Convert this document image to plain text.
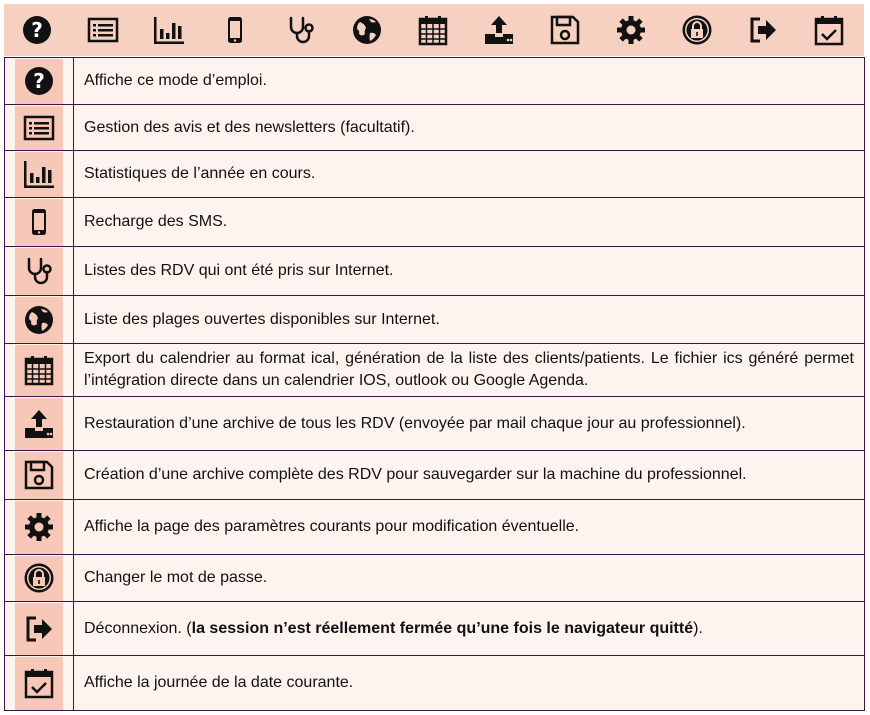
?
?	Affiche ce mode d’emploi.

	Gestion des avis et des newsletters (facultatif).

	Statistiques de l’année en cours.

	Recharge des SMS.

	Listes des RDV qui ont été pris sur Internet.

	Liste des plages ouvertes disponibles sur Internet.

	Export du calendrier au format ical, génération de la liste des clients/patients. Le fichier ics généré permet l’intégration directe dans un calendrier IOS, outlook ou Google Agenda.

	Restauration d’une archive de tous les RDV (envoyée par mail chaque jour au professionnel).

	Création d’une archive complète des RDV pour sauvegarder sur la machine du professionnel.

	Affiche la page des paramètres courants pour modification éventuelle.

	Changer le mot de passe.

	Déconnexion. (la session n’est réellement fermée qu’une fois le navigateur quitté).

	Affiche la journée de la date courante.
